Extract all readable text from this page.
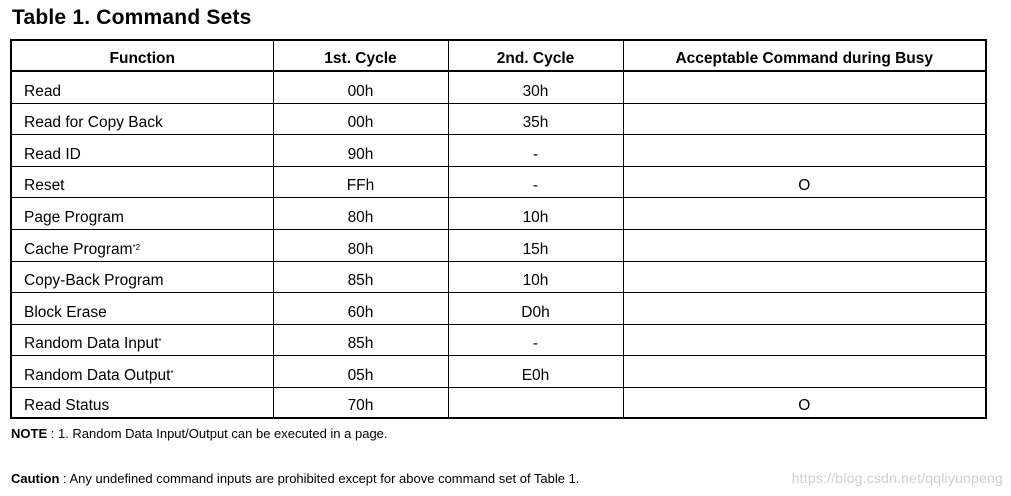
Table 1. Command Sets
Function	1st. Cycle	2nd. Cycle	Acceptable Command during Busy
Read	00h	30h	
Read for Copy Back	00h	35h	
Read ID	90h	-	
Reset	FFh	-	O
Page Program	80h	10h	
Cache Program$^{*2}$	80h	15h	
Copy-Back Program	85h	10h	
Block Erase	60h	D0h	
Random Data Input*	85h	-	
Random Data Output*	05h	E0h	
Read Status	70h		O
NOTE : 1. Random Data Input/Output can be executed in a page.
Caution : Any undefined command inputs are prohibited except for above command set of Table 1.	https://blog.csdn.net/qqliyunpeng
